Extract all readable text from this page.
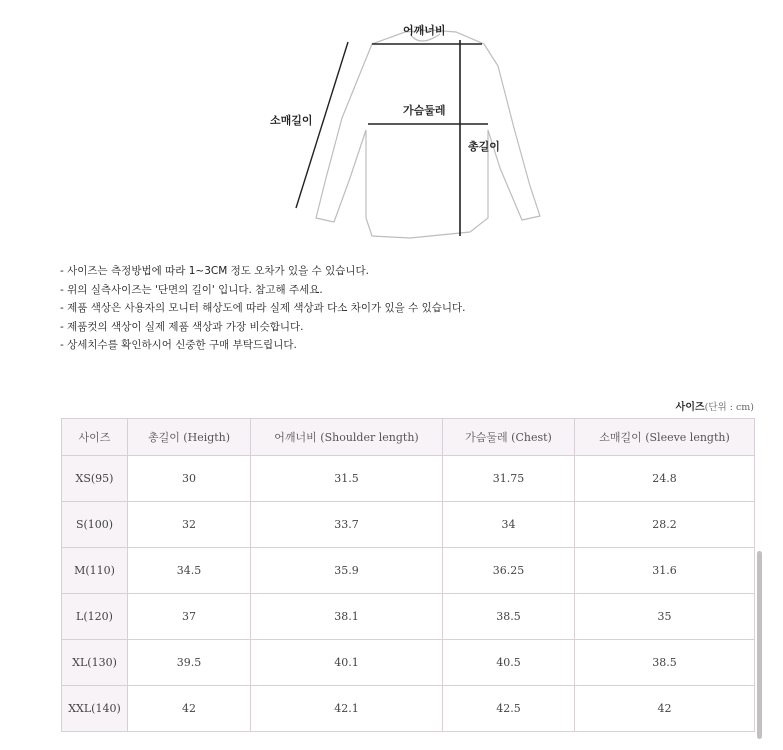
어깨너비
가슴둘레
총길이
소매길이
- 사이즈는 측정방법에 따라 1~3CM 정도 오차가 있을 수 있습니다.
- 위의 실측사이즈는 '단면의 길이' 입니다. 참고해 주세요.
- 제품 색상은 사용자의 모니터 해상도에 따라 실제 색상과 다소 차이가 있을 수 있습니다.
- 제품컷의 색상이 실제 제품 색상과 가장 비슷합니다.
- 상세치수를 확인하시어 신중한 구매 부탁드립니다.
사이즈(단위 : cm)
사이즈	총길이 (Heigth)	어깨너비 (Shoulder length)	가슴둘레 (Chest)	소매길이 (Sleeve length)
XS(95)	30	31.5	31.75	24.8
S(100)	32	33.7	34	28.2
M(110)	34.5	35.9	36.25	31.6
L(120)	37	38.1	38.5	35
XL(130)	39.5	40.1	40.5	38.5
XXL(140)	42	42.1	42.5	42
